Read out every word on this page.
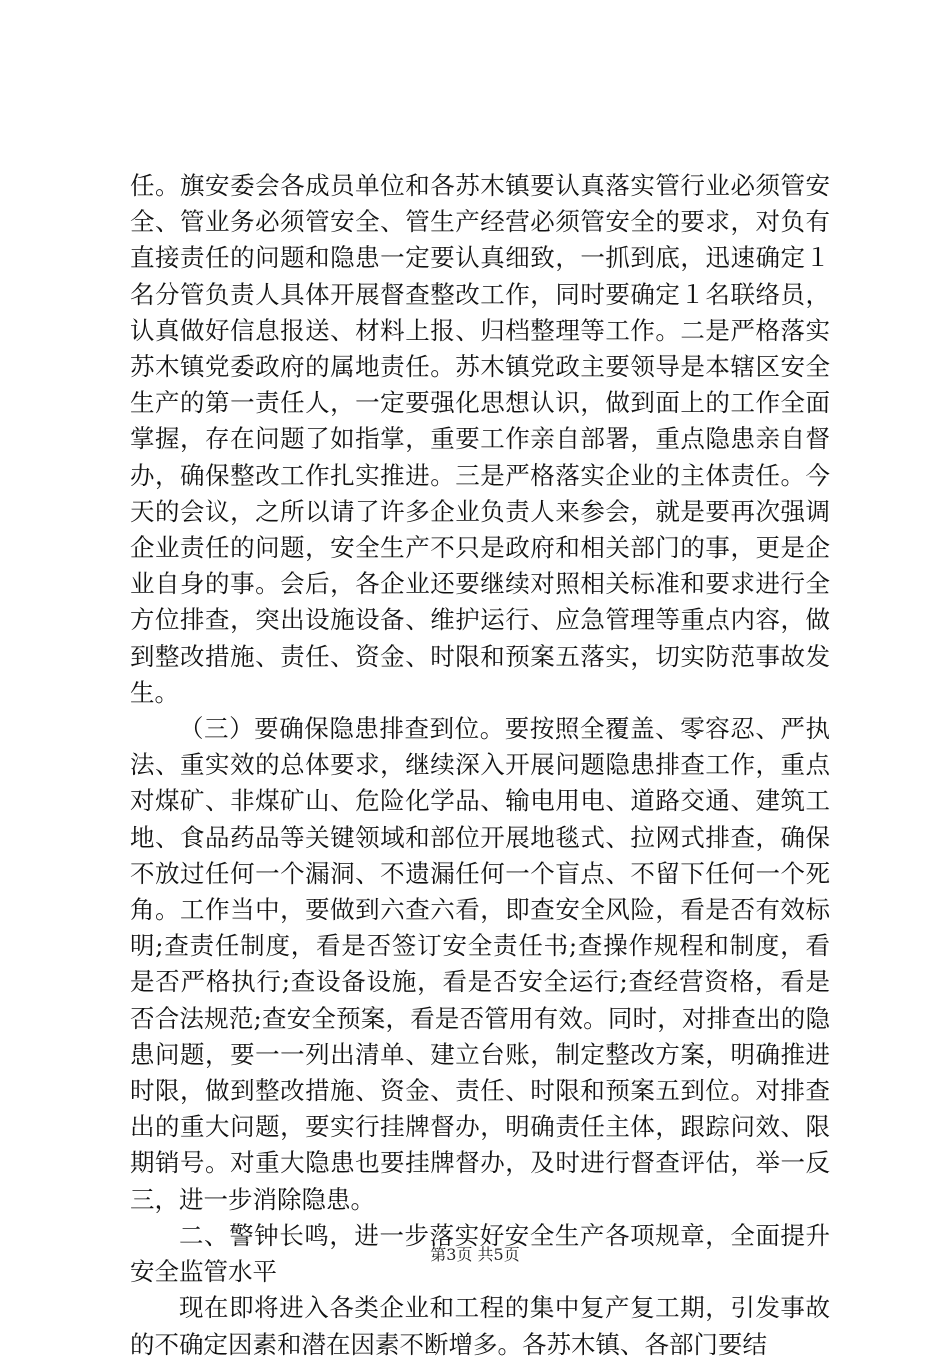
任。旗安委会各成员单位和各苏木镇要认真落实管行业必须管安全、管业务必须管安全、管生产经营必须管安全的要求，对负有直接责任的问题和隐患一定要认真细致，一抓到底，迅速确定１名分管负责人具体开展督查整改工作，同时要确定１名联络员，认真做好信息报送、材料上报、归档整理等工作。二是严格落实苏木镇党委政府的属地责任。苏木镇党政主要领导是本辖区安全生产的第一责任人，一定要强化思想认识，做到面上的工作全面掌握，存在问题了如指掌，重要工作亲自部署，重点隐患亲自督办，确保整改工作扎实推进。三是严格落实企业的主体责任。今天的会议，之所以请了许多企业负责人来参会，就是要再次强调企业责任的问题，安全生产不只是政府和相关部门的事，更是企业自身的事。会后，各企业还要继续对照相关标准和要求进行全方位排查，突出设施设备、维护运行、应急管理等重点内容，做到整改措施、责任、资金、时限和预案五落实，切实防范事故发生。

（三）要确保隐患排查到位。要按照全覆盖、零容忍、严执法、重实效的总体要求，继续深入开展问题隐患排查工作，重点对煤矿、非煤矿山、危险化学品、输电用电、道路交通、建筑工地、食品药品等关键领域和部位开展地毯式、拉网式排查，确保不放过任何一个漏洞、不遗漏任何一个盲点、不留下任何一个死角。工作当中，要做到六查六看，即查安全风险，看是否有效标明;查责任制度，看是否签订安全责任书;查操作规程和制度，看是否严格执行;查设备设施，看是否安全运行;查经营资格，看是否合法规范;查安全预案，看是否管用有效。同时，对排查出的隐患问题，要一一列出清单、建立台账，制定整改方案，明确推进时限，做到整改措施、资金、责任、时限和预案五到位。对排查出的重大问题，要实行挂牌督办，明确责任主体，跟踪问效、限期销号。对重大隐患也要挂牌督办，及时进行督查评估，举一反三，进一步消除隐患。

二、警钟长鸣，进一步落实好安全生产各项规章，全面提升安全监管水平

现在即将进入各类企业和工程的集中复产复工期，引发事故的不确定因素和潜在因素不断增多。各苏木镇、各部门要结

第3页 共5页
